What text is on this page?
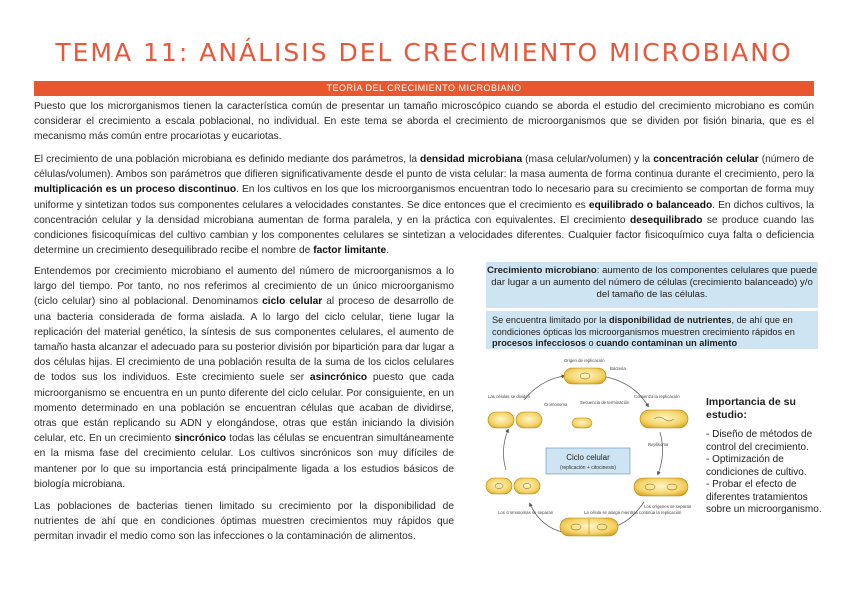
TEMA 11: ANÁLISIS DEL CRECIMIENTO MICROBIANO
TEORÍA DEL CRECIMIENTO MICROBIANO
Puesto que los microrganismos tienen la característica común de presentar un tamaño microscópico cuando se aborda el estudio del crecimiento microbiano es común considerar el crecimiento a escala poblacional, no individual. En este tema se aborda el crecimiento de microorganismos que se dividen por fisión binaria, que es el mecanismo más común entre procariotas y eucariotas.
El crecimiento de una población microbiana es definido mediante dos parámetros, la densidad microbiana (masa celular/volumen) y la concentración celular (número de células/volumen). Ambos son parámetros que difieren significativamente desde el punto de vista celular: la masa aumenta de forma continua durante el crecimiento, pero la multiplicación es un proceso discontinuo. En los cultivos en los que los microorganismos encuentran todo lo necesario para su crecimiento se comportan de forma muy uniforme y sintetizan todos sus componentes celulares a velocidades constantes. Se dice entonces que el crecimiento es equilibrado o balanceado. En dichos cultivos, la concentración celular y la densidad microbiana aumentan de forma paralela, y en la práctica con equivalentes. El crecimiento desequilibrado se produce cuando las condiciones fisicoquímicas del cultivo cambian y los componentes celulares se sintetizan a velocidades diferentes. Cualquier factor fisicoquímico cuya falta o deficiencia determine un crecimiento desequilibrado recibe el nombre de factor limitante.
Entendemos por crecimiento microbiano el aumento del número de microorganismos a lo largo del tiempo. Por tanto, no nos referimos al crecimiento de un único microorganismo (ciclo celular) sino al poblacional. Denominamos ciclo celular al proceso de desarrollo de una bacteria considerada de forma aislada. A lo largo del ciclo celular, tiene lugar la replicación del material genético, la síntesis de sus componentes celulares, el aumento de tamaño hasta alcanzar el adecuado para su posterior división por bipartición para dar lugar a dos células hijas. El crecimiento de una población resulta de la suma de los ciclos celulares de todos sus los individuos. Este crecimiento suele ser asincrónico puesto que cada microorganismo se encuentra en un punto diferente del ciclo celular. Por consiguiente, en un momento determinado en una población se encuentran células que acaban de dividirse, otras que están replicando su ADN y elongándose, otras que están iniciando la división celular, etc. En un crecimiento sincrónico todas las células se encuentran simultáneamente en la misma fase del crecimiento celular. Los cultivos sincrónicos son muy difíciles de mantener por lo que su importancia está principalmente ligada a los estudios básicos de biología microbiana.
Las poblaciones de bacterias tienen limitado su crecimiento por la disponibilidad de nutrientes de ahí que en condiciones óptimas muestren crecimientos muy rápidos que permitan invadir el medio como son las infecciones o la contaminación de alimentos.
Crecimiento microbiano: aumento de los componentes celulares que puede dar lugar a un aumento del número de células (crecimiento balanceado) y/o del tamaño de las células.
Se encuentra limitado por la disponibilidad de nutrientes, de ahí que en condiciones ópticas los microorganismos muestren crecimiento rápidos en procesos infecciosos o cuando contaminan un alimento
Ciclo celular
(replicación + citocinesis)
Origen de replicación
Bacteria
Cromosoma	Secuencia de terminación
Comienza la replicación
Las células se dividen
Replisoma
Los orígenes se separan
Los cromosomas se separan	La célula se alarga mientras continúa la replicación
Importancia de su estudio:
- Diseño de métodos de control del crecimiento.
- Optimización de condiciones de cultivo.
- Probar el efecto de diferentes tratamientos sobre un microorganismo.
